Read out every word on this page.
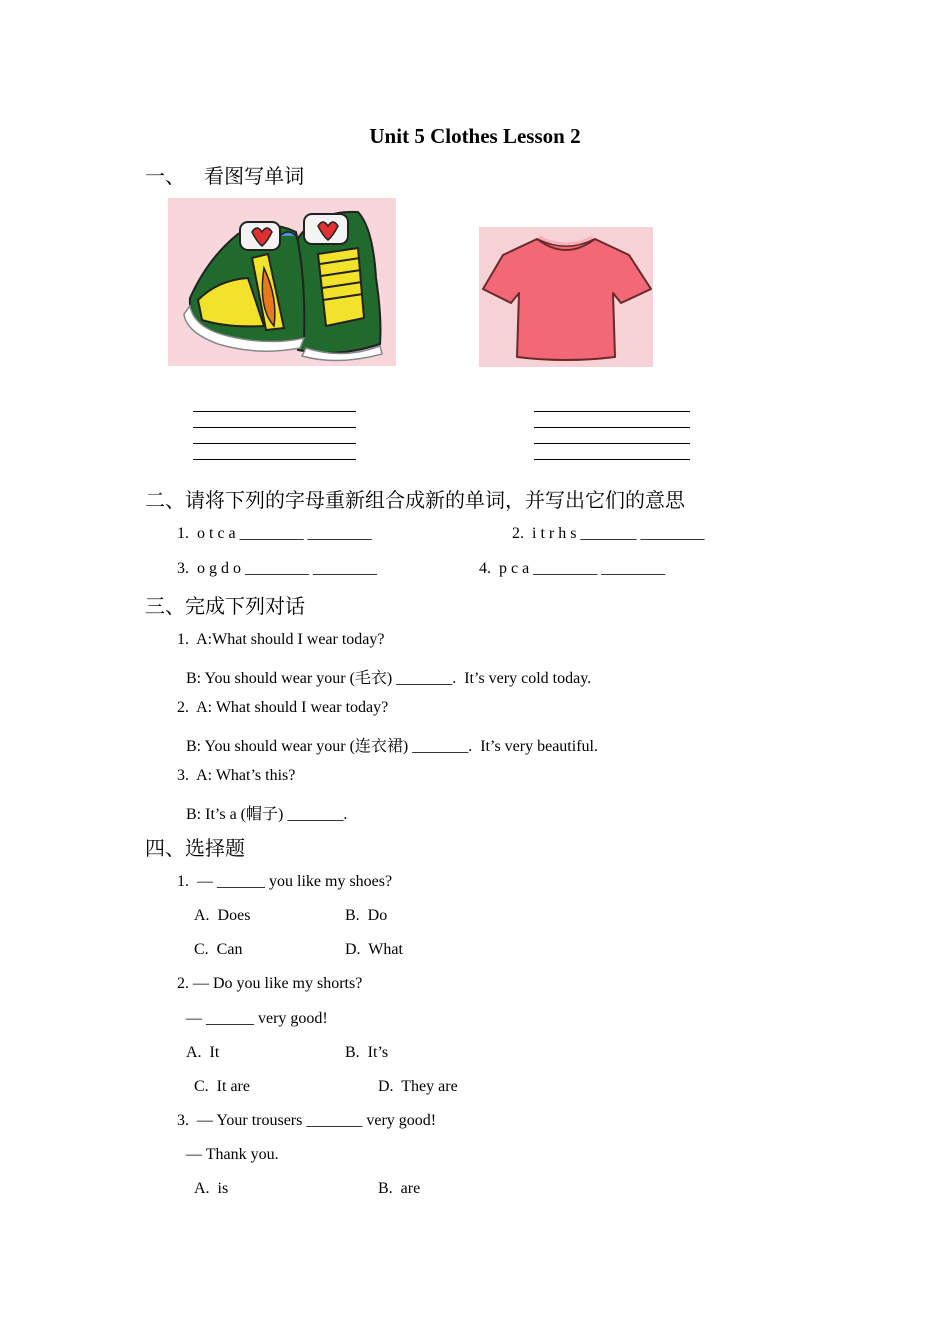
Unit 5 Clothes Lesson 2
一、   看图写单词
二、请将下列的字母重新组合成新的单词，并写出它们的意思
1.  o t c a ________ ________	2.  i t r h s _______ ________
3.  o g d o ________ ________	4.  p c a ________ ________
三、完成下列对话
1.  A:What should I wear today?
B: You should wear your (毛衣) _______.  It’s very cold today.
2.  A: What should I wear today?
B: You should wear your (连衣裙) _______.  It’s very beautiful.
3.  A: What’s this?
B: It’s a (帽子) _______.
四、选择题
1.  — ______ you like my shoes?
A.  Does	B.  Do
C.  Can	D.  What
2. — Do you like my shorts?
— ______ very good!
A.  It	B.  It’s
C.  It are	D.  They are
3.  — Your trousers _______ very good!
— Thank you.
A.  is	B.  are
